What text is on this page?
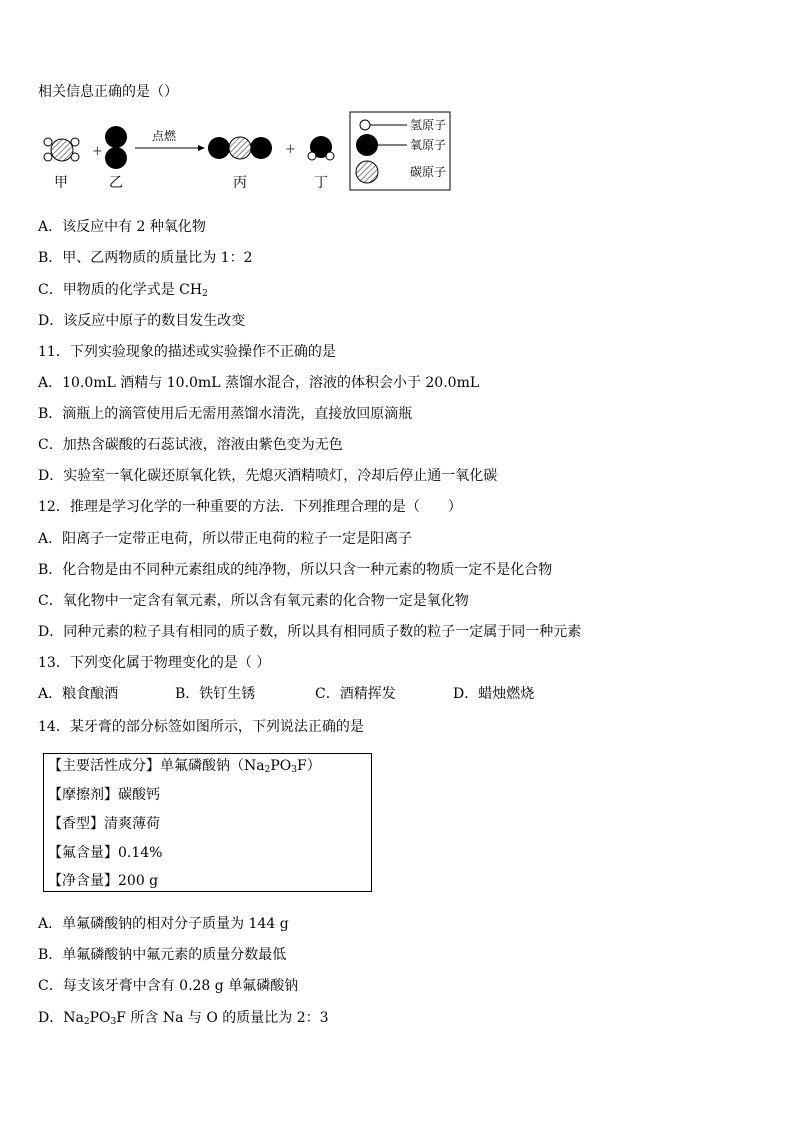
相关信息正确的是（）
+	+
点燃
甲	乙	丙	丁
氢原子
氧原子
碳原子
A．该反应中有 2 种氧化物
B．甲、乙两物质的质量比为 1：2
C．甲物质的化学式是 $CH_2$
D．该反应中原子的数目发生改变
11．下列实验现象的描述或实验操作不正确的是
A．10.0mL 酒精与 10.0mL 蒸馏水混合，溶液的体积会小于 20.0mL
B．滴瓶上的滴管使用后无需用蒸馏水清洗，直接放回原滴瓶
C．加热含碳酸的石蕊试液，溶液由紫色变为无色
D．实验室一氧化碳还原氧化铁，先熄灭酒精喷灯，冷却后停止通一氧化碳
12．推理是学习化学的一种重要的方法．下列推理合理的是（　　）
A．阳离子一定带正电荷，所以带正电荷的粒子一定是阳离子
B．化合物是由不同种元素组成的纯净物，所以只含一种元素的物质一定不是化合物
C．氧化物中一定含有氧元素，所以含有氧元素的化合物一定是氧化物
D．同种元素的粒子具有相同的质子数，所以具有相同质子数的粒子一定属于同一种元素
13．下列变化属于物理变化的是（ ）
A．粮食酿酒	B．铁钉生锈	C．酒精挥发	D．蜡烛燃烧
14．某牙膏的部分标签如图所示，下列说法正确的是
【主要活性成分】单氟磷酸钠$(Na_2PO_3F)$
【摩擦剂】碳酸钙
【香型】清爽薄荷
【氟含量】0.14%
【净含量】200 g
A．单氟磷酸钠的相对分子质量为 144 g
B．单氟磷酸钠中氟元素的质量分数最低
C．每支该牙膏中含有 0.28 g 单氟磷酸钠
D．$Na_2PO_3F$ 所含 Na 与 O 的质量比为 2：3
